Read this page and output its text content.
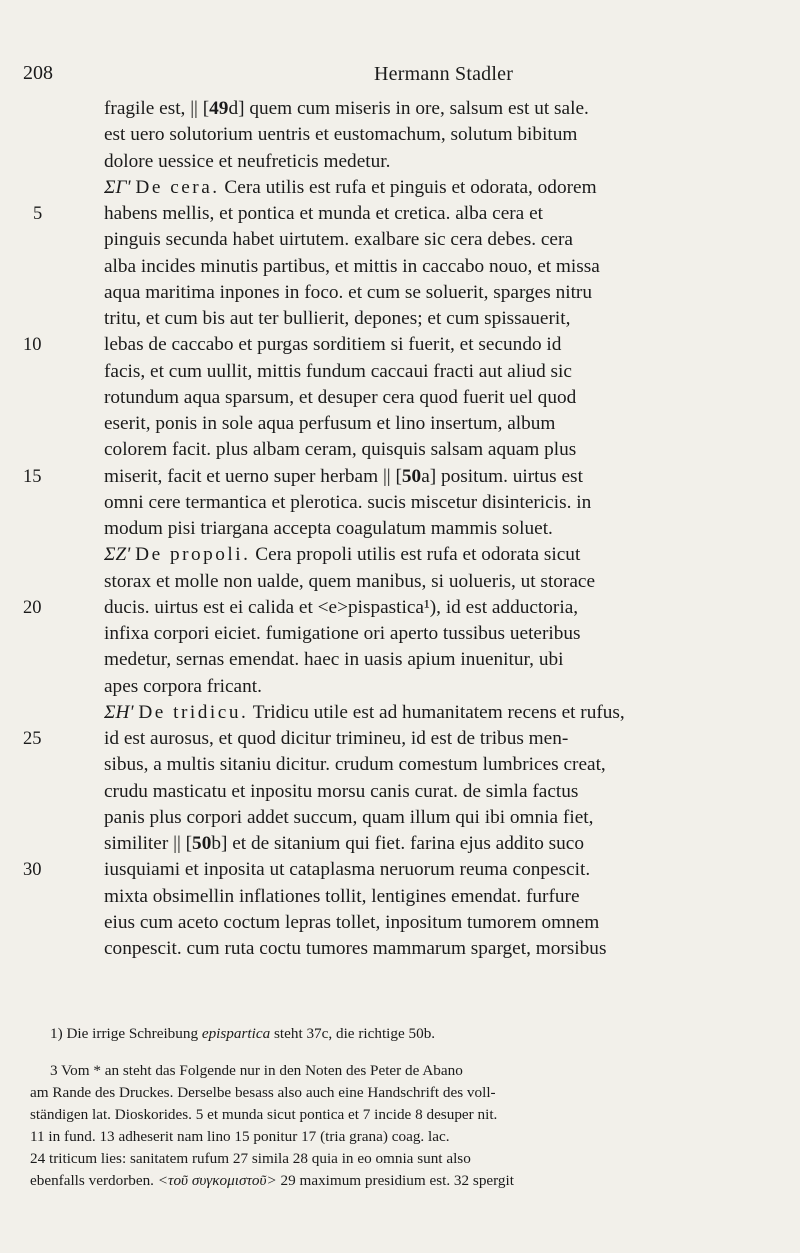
208	Hermann Stadler
fragile est, || [49d] quem cum miseris in ore, salsum est ut sale.
est uero solutorium uentris et eustomachum, solutum bibitum
dolore uessice et neufreticis medetur.
ΣΓ' De cera. Cera utilis est rufa et pinguis et odorata, odorem
habens mellis, et pontica et munda et cretica. alba cera et
pinguis secunda habet uirtutem. exalbare sic cera debes. cera
alba incides minutis partibus, et mittis in caccabo nouo, et missa
aqua maritima inpones in foco. et cum se soluerit, sparges nitru
tritu, et cum bis aut ter bullierit, depones; et cum spissauerit,
lebas de caccabo et purgas sorditiem si fuerit, et secundo id
facis, et cum uullit, mittis fundum caccaui fracti aut aliud sic
rotundum aqua sparsum, et desuper cera quod fuerit uel quod
eserit, ponis in sole aqua perfusum et lino insertum, album
colorem facit. plus albam ceram, quisquis salsam aquam plus
miserit, facit et uerno super herbam || [50a] positum. uirtus est
omni cere termantica et plerotica. sucis miscetur disintericis. in
modum pisi triargana accepta coagulatum mammis soluet.
ΣΖ' De propoli. Cera propoli utilis est rufa et odorata sicut
storax et molle non ualde, quem manibus, si uolueris, ut storace
ducis. uirtus est ei calida et <e>pispastica¹), id est adductoria,
infixa corpori eiciet. fumigatione ori aperto tussibus ueteribus
medetur, sernas emendat. haec in uasis apium inuenitur, ubi
apes corpora fricant.
ΣΗ' De tridicu. Tridicu utile est ad humanitatem recens et rufus,
id est aurosus, et quod dicitur trimineu, id est de tribus men-
sibus, a multis sitaniu dicitur. crudum comestum lumbrices creat,
crudu masticatu et inpositu morsu canis curat. de simla factus
panis plus corpori addet succum, quam illum qui ibi omnia fiet,
similiter || [50b] et de sitanium qui fiet. farina ejus addito suco
iusquiami et inposita ut cataplasma neruorum reuma conpescit.
mixta obsimellin inflationes tollit, lentigines emendat. furfure
eius cum aceto coctum lepras tollet, inpositum tumorem omnem
conpescit. cum ruta coctu tumores mammarum sparget, morsibus
5
10
15
20
25
30
1) Die irrige Schreibung epispartica steht 37c, die richtige 50b.
3 Vom * an steht das Folgende nur in den Noten des Peter de Abano
am Rande des Druckes. Derselbe besass also auch eine Handschrift des voll-
ständigen lat. Dioskorides. 5 et munda sicut pontica et 7 incide 8 desuper nit.
11 in fund. 13 adheserit nam lino 15 ponitur 17 (tria grana) coag. lac.
24 triticum lies: sanitatem rufum 27 simila 28 quia in eo omnia sunt also
ebenfalls verdorben. <τοῦ συγκομιστοῦ> 29 maximum presidium est. 32 spergit
